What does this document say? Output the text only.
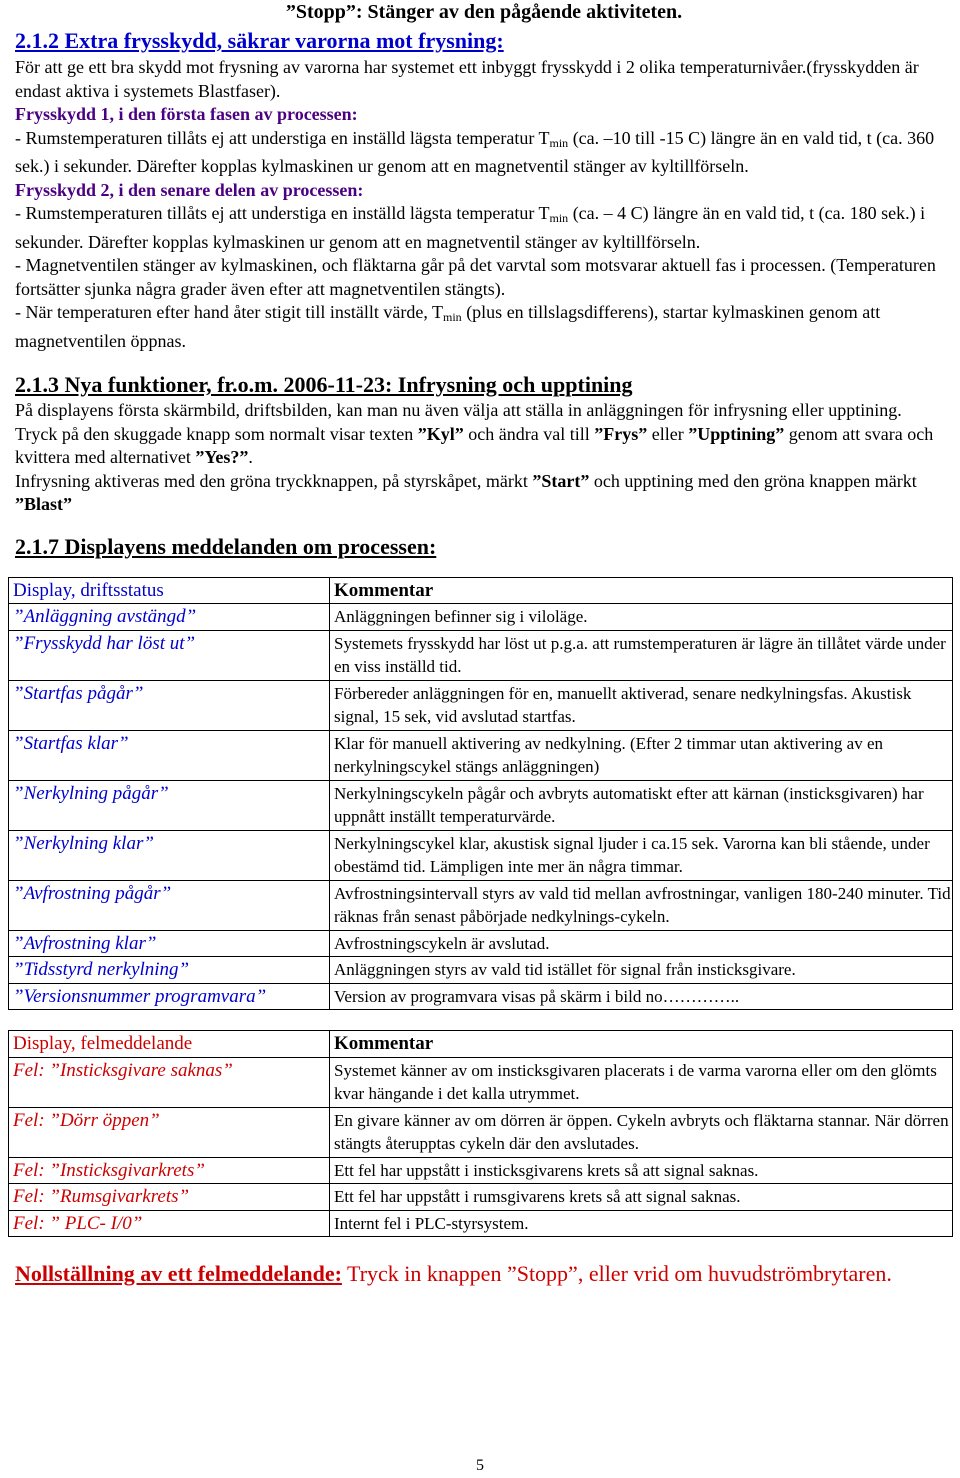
”Stopp”: Stänger av den pågående aktiviteten.

2.1.2 Extra frysskydd, säkrar varorna mot frysning:

För att ge ett bra skydd mot frysning av varorna har systemet ett inbyggt frysskydd i 2 olika temperaturnivåer.(frysskydden är endast aktiva i systemets Blastfaser).

Frysskydd 1, i den första fasen av processen:

- Rumstemperaturen tillåts ej att understiga en inställd lägsta temperatur $T_{min}$ (ca. –10 till -15 C) längre än en vald tid, t (ca. 360 sek.) i sekunder. Därefter kopplas kylmaskinen ur genom att en magnetventil stänger av kyltillförseln.

Frysskydd 2, i den senare delen av processen:

- Rumstemperaturen tillåts ej att understiga en inställd lägsta temperatur $T_{min}$ (ca. – 4 C) längre än en vald tid, t (ca. 180 sek.) i sekunder. Därefter kopplas kylmaskinen ur genom att en magnetventil stänger av kyltillförseln.

- Magnetventilen stänger av kylmaskinen, och fläktarna går på det varvtal som motsvarar aktuell fas i processen. (Temperaturen fortsätter sjunka några grader även efter att magnetventilen stängts).

- När temperaturen efter hand åter stigit till inställt värde, $T_{min}$ (plus en tillslagsdifferens), startar kylmaskinen genom att magnetventilen öppnas.

2.1.3 Nya funktioner, fr.o.m. 2006-11-23: Infrysning och upptining

På displayens första skärmbild, driftsbilden, kan man nu även välja att ställa in anläggningen för infrysning eller upptining. Tryck på den skuggade knapp som normalt visar texten ”Kyl” och ändra val till ”Frys” eller ”Upptining” genom att svara och kvittera med alternativet ”Yes?”.

Infrysning aktiveras med den gröna tryckknappen, på styrskåpet, märkt ”Start” och upptining med den gröna knappen märkt ”Blast”

2.1.7 Displayens meddelanden om processen:

Display, driftsstatus	Kommentar
”Anläggning avstängd”	Anläggningen befinner sig i viloläge.
”Frysskydd har löst ut”	Systemets frysskydd har löst ut p.g.a. att rumstemperaturen är lägre än tillåtet värde under en viss inställd tid.
”Startfas pågår”	Förbereder anläggningen för en, manuellt aktiverad, senare nedkylningsfas. Akustisk signal, 15 sek, vid avslutad startfas.
”Startfas klar”	Klar för manuell aktivering av nedkylning. (Efter 2 timmar utan aktivering av en nerkylningscykel stängs anläggningen)
”Nerkylning pågår”	Nerkylningscykeln pågår och avbryts automatiskt efter att kärnan (insticksgivaren) har uppnått inställt temperaturvärde.
”Nerkylning klar”	Nerkylningscykel klar, akustisk signal ljuder i ca.15 sek. Varorna kan bli stående, under obestämd tid. Lämpligen inte mer än några timmar.
”Avfrostning pågår”	Avfrostningsintervall styrs av vald tid mellan avfrostningar, vanligen 180-240 minuter. Tid räknas från senast påbörjade nedkylnings-cykeln.
”Avfrostning klar”	Avfrostningscykeln är avslutad.
”Tidsstyrd nerkylning”	Anläggningen styrs av vald tid istället för signal från insticksgivare.
”Versionsnummer programvara”	Version av programvara visas på skärm i bild no…………..
Display, felmeddelande	Kommentar
Fel: ”Insticksgivare saknas”	Systemet känner av om insticksgivaren placerats i de varma varorna eller om den glömts kvar hängande i det kalla utrymmet.
Fel: ”Dörr öppen”	En givare känner av om dörren är öppen. Cykeln avbryts och fläktarna stannar. När dörren stängts återupptas cykeln där den avslutades.
Fel: ”Insticksgivarkrets”	Ett fel har uppstått i insticksgivarens krets så att signal saknas.
Fel: ”Rumsgivarkrets”	Ett fel har uppstått i rumsgivarens krets så att signal saknas.
Fel: ” PLC- I/0”	Internt fel i PLC-styrsystem.

Nollställning av ett felmeddelande: Tryck in knappen ”Stopp”, eller vrid om huvudströmbrytaren.

5
